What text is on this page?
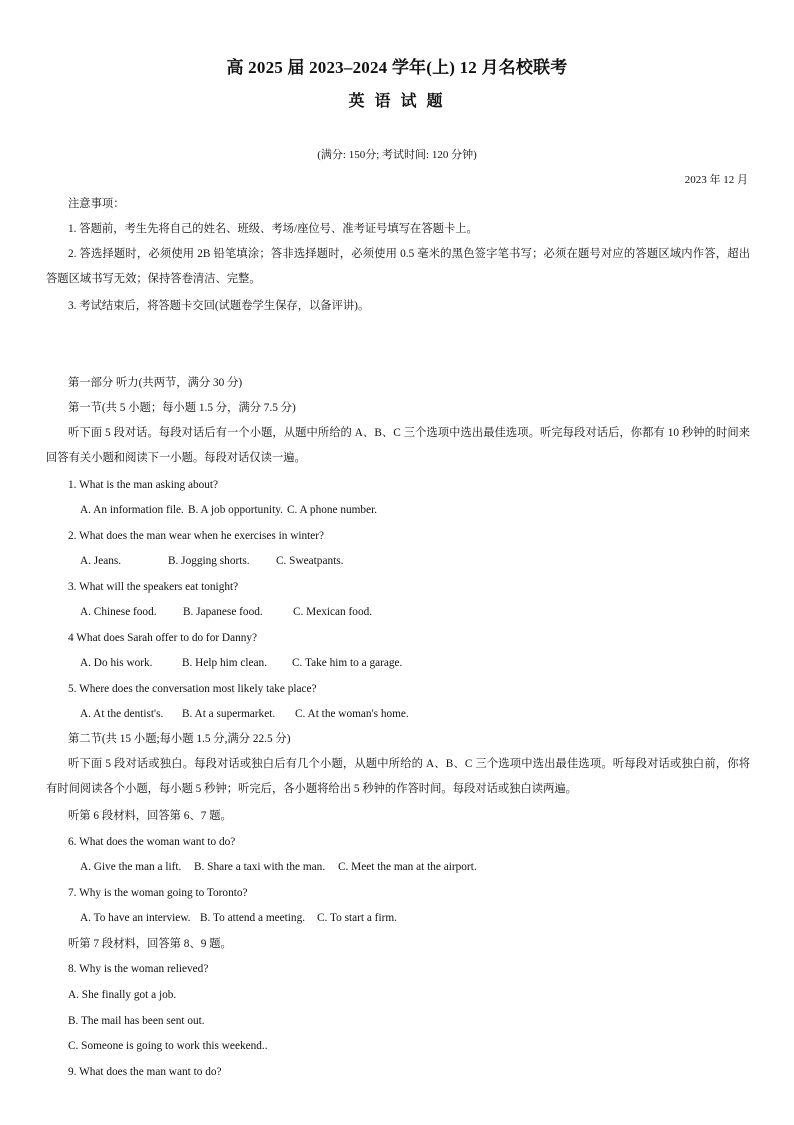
高 2025 届 2023–2024 学年(上) 12 月名校联考
英 语 试 题
(满分: 150分; 考试时间: 120 分钟)
2023 年 12 月
注意事项：
1. 答题前，考生先将自己的姓名、班级、考场/座位号、准考证号填写在答题卡上。
2. 答选择题时，必须使用 2B 铅笔填涂；答非选择题时，必须使用 0.5 毫米的黑色签字笔书写；必须在题号对应的答题区域内作答，超出答题区域书写无效；保持答卷清洁、完整。
3. 考试结束后，将答题卡交回(试题卷学生保存，以备评讲)。
第一部分 听力(共两节，满分 30 分)
第一节(共 5 小题；每小题 1.5 分，满分 7.5 分)
听下面 5 段对话。每段对话后有一个小题，从题中所给的 A、B、C 三个选项中选出最佳选项。听完每段对话后，你都有 10 秒钟的时间来回答有关小题和阅读下一小题。每段对话仅读一遍。
1. What is the man asking about?
A. An information file. B. A job opportunity. C. A phone number.
2. What does the man wear when he exercises in winter?
A. Jeans.	B. Jogging shorts. C. Sweatpants.
3. What will the speakers eat tonight?
A. Chinese food. B. Japanese food.	C. Mexican food.
4 What does Sarah offer to do for Danny?
A. Do his work.	B. Help him clean. C. Take him to a garage.
5. Where does the conversation most likely take place?
A. At the dentist's. B. At a supermarket. C. At the woman's home.
第二节(共 15 小题;每小题 1.5 分,满分 22.5 分)
听下面 5 段对话或独白。每段对话或独白后有几个小题，从题中所给的 A、B、C 三个选项中选出最佳选项。听每段对话或独白前，你将有时间阅读各个小题，每小题 5 秒钟；听完后，各小题将给出 5 秒钟的作答时间。每段对话或独白读两遍。
听第 6 段材料，回答第 6、7 题。
6. What does the woman want to do?
A. Give the man a lift. B. Share a taxi with the man. C. Meet the man at the airport.
7. Why is the woman going to Toronto?
A. To have an interview. B. To attend a meeting. C. To start a firm.
听第 7 段材料，回答第 8、9 题。
8. Why is the woman relieved?
A. She finally got a job.
B. The mail has been sent out.
C. Someone is going to work this weekend..
9. What does the man want to do?
